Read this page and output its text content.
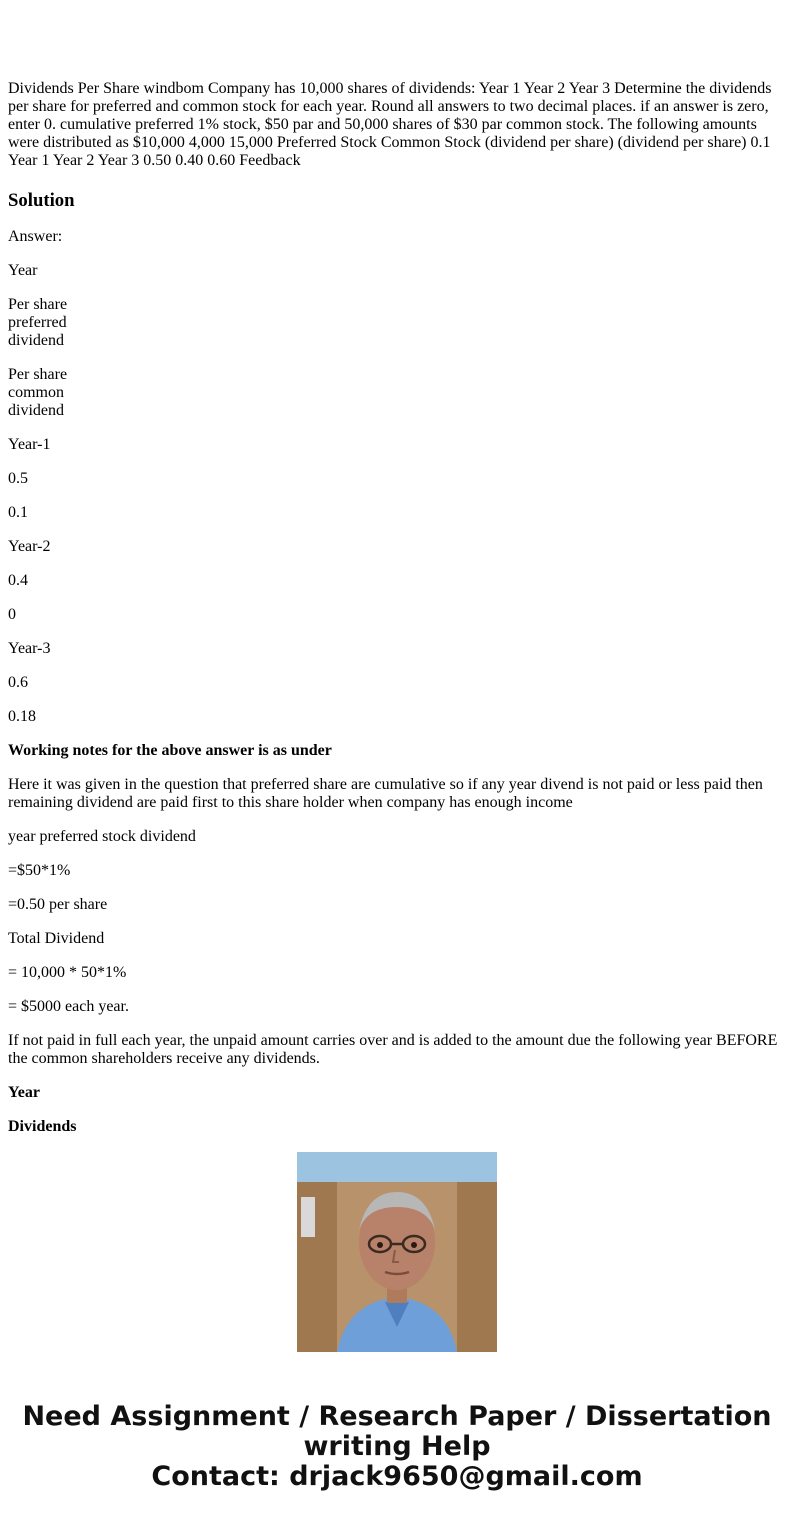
Dividends Per Share windbom Company has 10,000 shares of dividends: Year 1 Year 2 Year 3 Determine the dividends per share for preferred and common stock for each year. Round all answers to two decimal places. if an answer is zero, enter 0. cumulative preferred 1% stock, $50 par and 50,000 shares of $30 par common stock. The following amounts were distributed as $10,000 4,000 15,000 Preferred Stock Common Stock (dividend per share) (dividend per share) 0.1 Year 1 Year 2 Year 3 0.50 0.40 0.60 Feedback

Solution

Answer:

Year

Per share
preferred
dividend

Per share
common
dividend

Year-1

0.5

0.1

Year-2

0.4

0

Year-3

0.6

0.18

Working notes for the above answer is as under

Here it was given in the question that preferred share are cumulative so if any year divend is not paid or less paid then remaining dividend are paid first to this share holder when company has enough income

year preferred stock dividend

=$50*1%

=0.50 per share

Total Dividend

= 10,000 * 50*1%

= $5000 each year.

If not paid in full each year, the unpaid amount carries over and is added to the amount due the following year BEFORE the common shareholders receive any dividends.

Year

Dividends

Need Assignment / Research Paper / Dissertation
writing Help
Contact: drjack9650@gmail.com
